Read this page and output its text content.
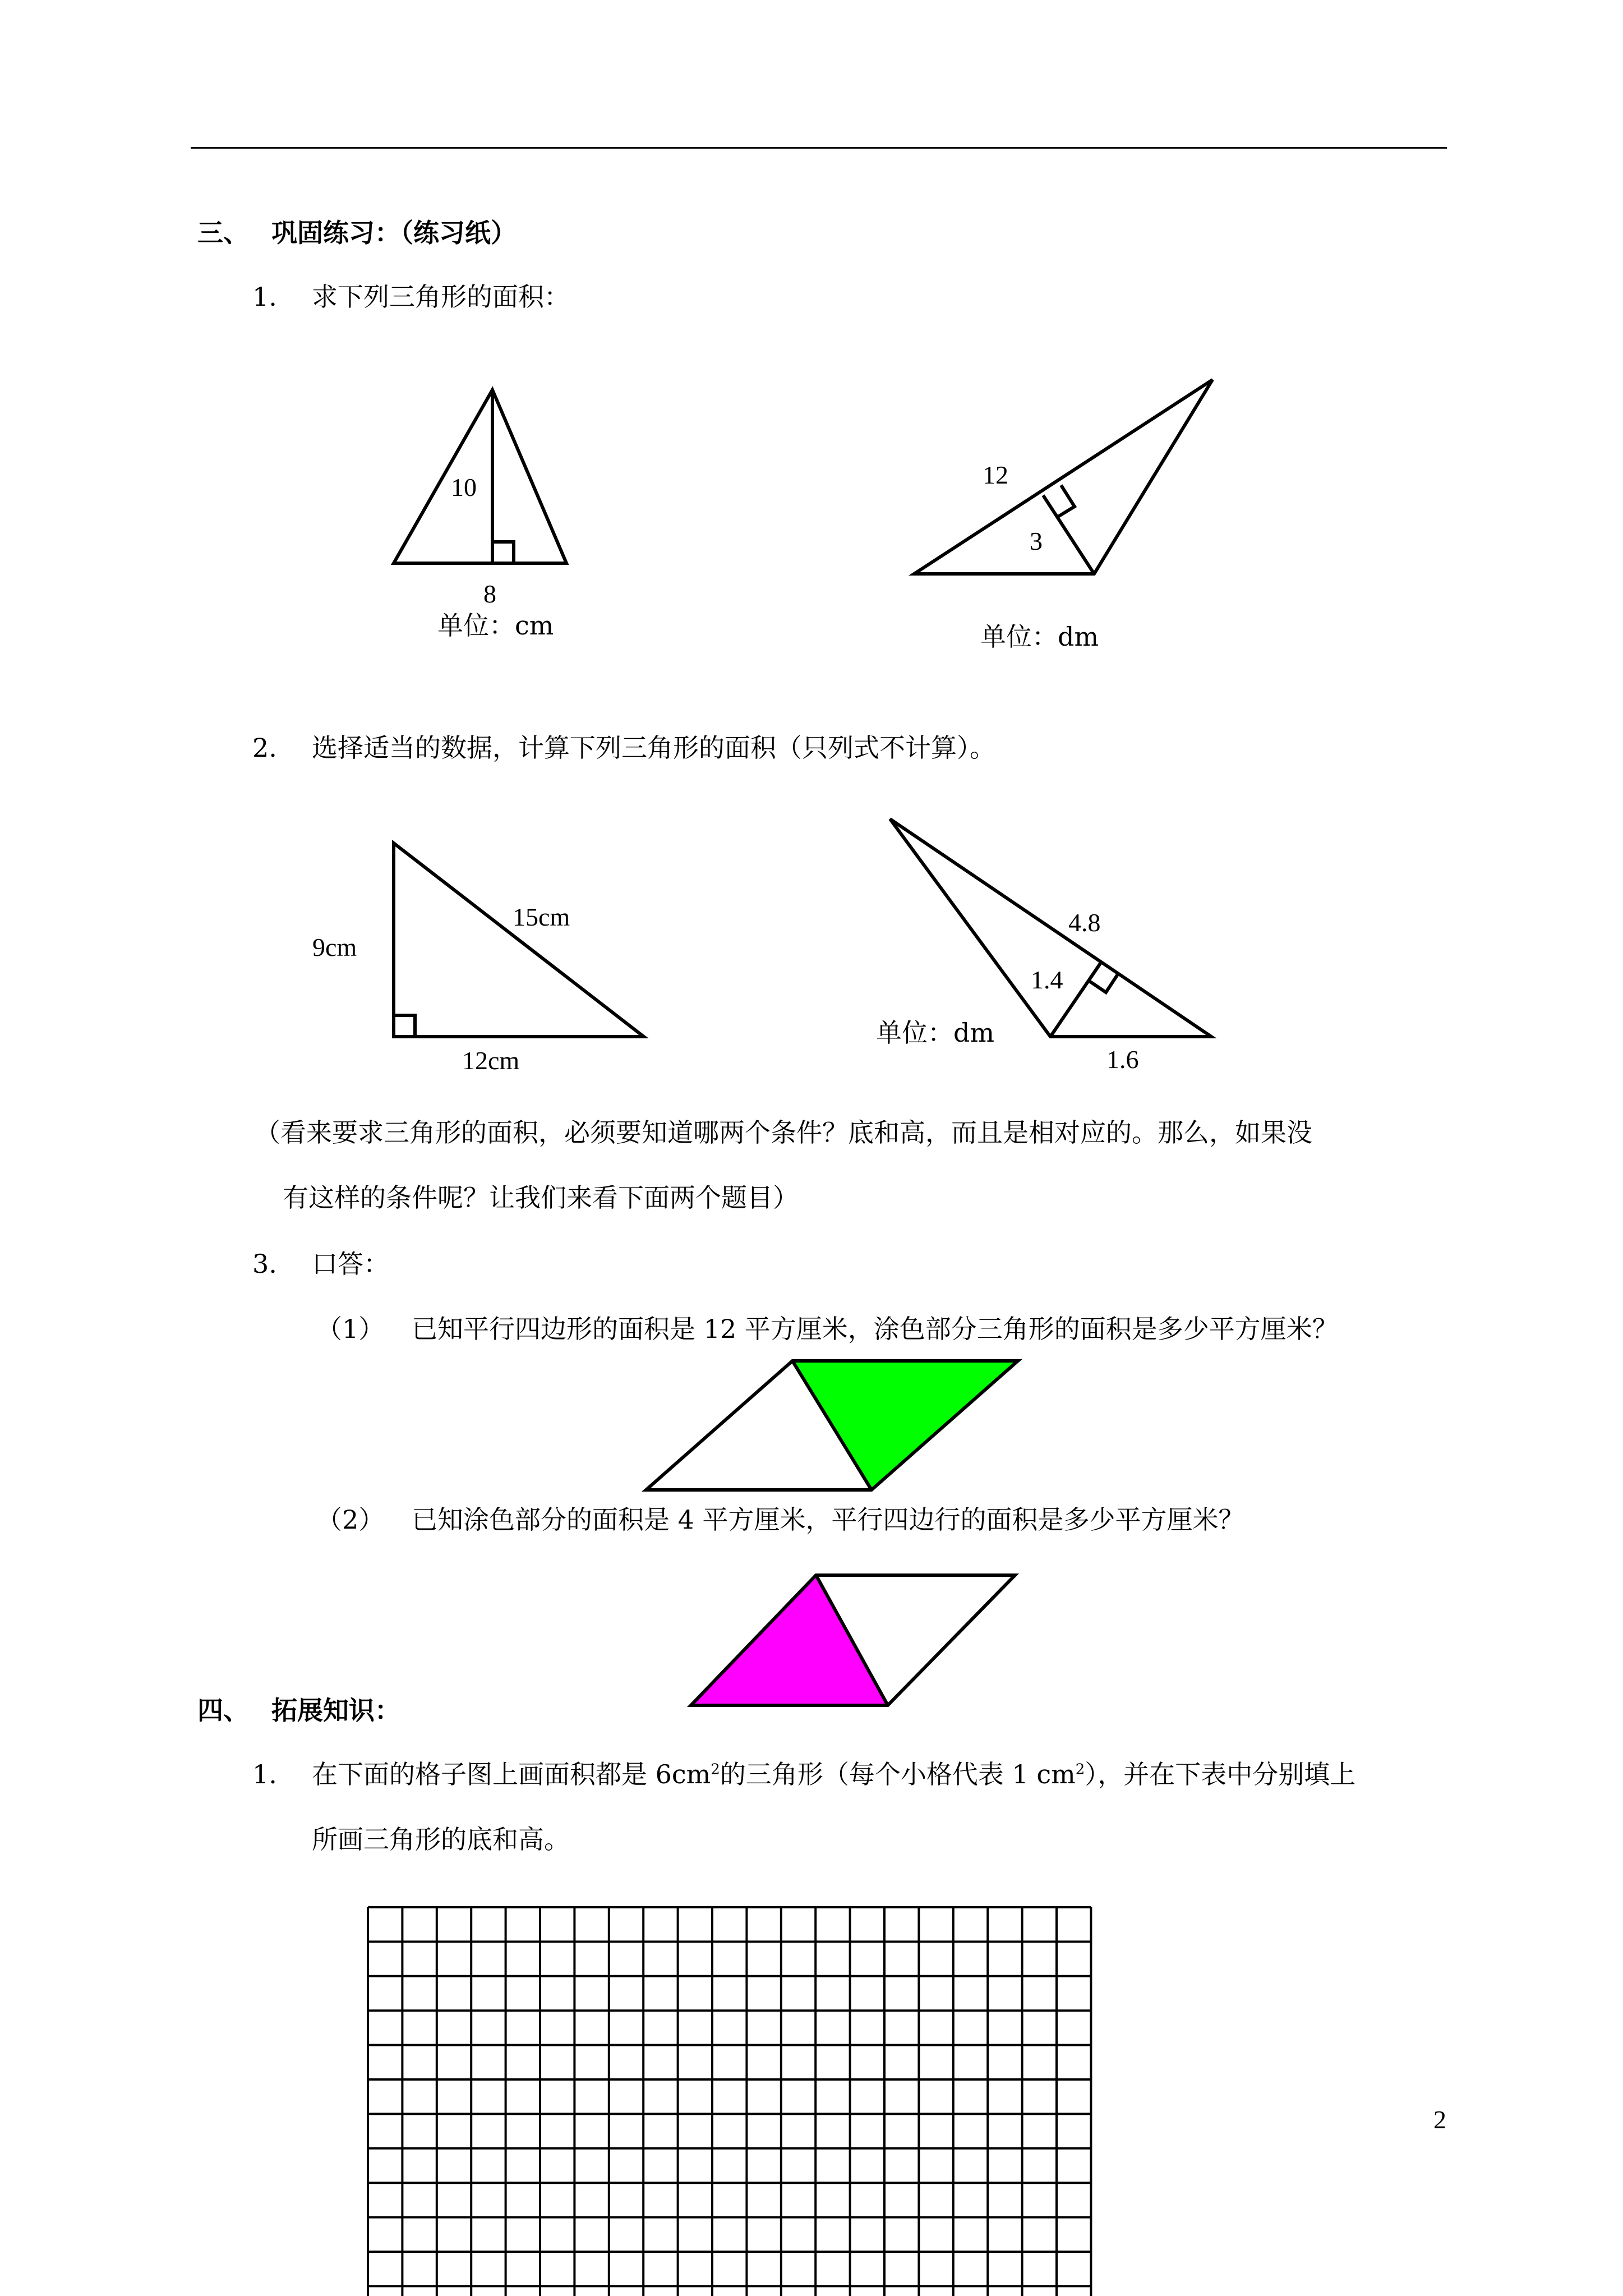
三、 巩固练习：（练习纸）
1. 求下列三角形的面积：
2. 选择适当的数据，计算下列三角形的面积（只列式不计算）。
（看来要求三角形的面积，必须要知道哪两个条件？底和高，而且是相对应的。那么，如果没
有这样的条件呢？让我们来看下面两个题目）
3. 口答：
（1） 已知平行四边形的面积是 12 平方厘米，涂色部分三角形的面积是多少平方厘米？
（2） 已知涂色部分的面积是 4 平方厘米，平行四边行的面积是多少平方厘米？
四、 拓展知识：
1. 在下面的格子图上画面积都是 $6cm^2$的三角形（每个小格代表 1 $cm^2$），并在下表中分别填上
所画三角形的底和高。
10
8
单位：cm
12
3
单位：dm
9cm
15cm
12cm
4.8
1.4
1.6
单位：dm
2
